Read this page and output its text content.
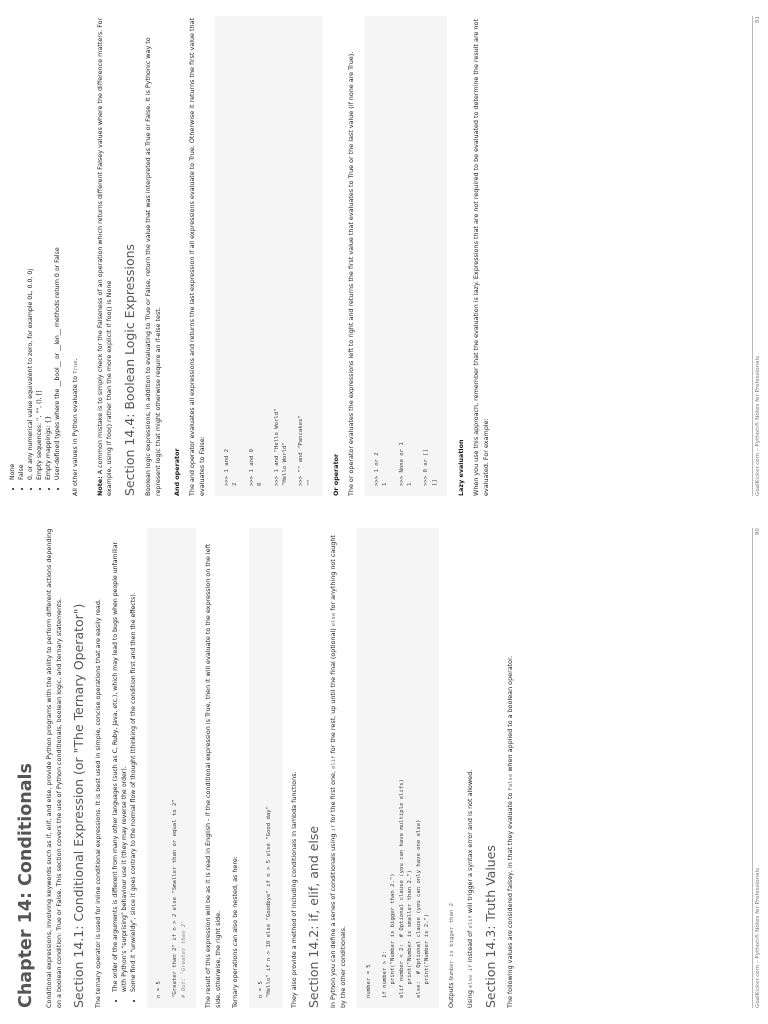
Chapter 14: Conditionals Conditional expressions, involving keywords such as if, elif, and else, provide Python programs with the ability to perform different actions depending on a boolean condition: True or False. This section covers the use of Python conditionals, boolean logic, and ternary statements. Section 14.1: Conditional Expression (or "The Ternary Operator") The ternary operator is used for inline conditional expressions. It is best used in simple, concise operations that are easily read. • The order of the arguments is different from many other languages (such as C, Ruby, Java, etc.), which may lead to bugs when people unfamiliar with Python's "surprising" behaviour use it (they may reverse the order). • Some find it "unwieldy", since it goes contrary to the normal flow of thought (thinking of the condition first and then the effects).	n = 5 "Greater than 2" if n > 2 else "Smaller than or equal to 2" # Out: 'Greater than 2'	The result of this expression will be as it is read in English - if the conditional expression is True, then it will evaluate to the expression on the left side, otherwise, the right side. Ternary operations can also be nested, as here:	n = 5 "Hello" if n > 10 else "Goodbye" if n > 5 else "Good day"	They also provide a method of including conditionals in lambda functions. Section 14.2: if, elif, and else In Python you can define a series of conditionals using if for the first one, elif for the rest, up until the final (optional) else for anything not caught by the other conditionals.	number = 5 if number > 2: print("Number is bigger than 2.") elif number < 2:  # Optional clause (you can have multiple elifs) print("Number is smaller than 2.") else:  # Optional clause (you can only have one else) print("Number is 2.")	Outputs Number is bigger than 2

Using else if instead of elif will trigger a syntax error and is not allowed.

Section 14.3: Truth Values The following values are considered falsey, in that they evaluate to False when applied to a boolean operator.

GoalKicker.com – Python® Notes for Professionals
80
• None • False • 0, or any numerical value equivalent to zero, for example 0L, 0.0, 0j • Empty sequences: '', "", (), [] • Empty mappings: {} • User-defined types where the __bool__ or __len__ methods return 0 or False All other values in Python evaluate to True.

Note: A common mistake is to simply check for the Falseness of an operation which returns different Falsey values where the difference matters. For example, using if foo() rather than the more explicit if foo() is None Section 14.4: Boolean Logic Expressions Boolean logic expressions, in addition to evaluating to True or False, return the value that was interpreted as True or False. It is Pythonic way to represent logic that might otherwise require an if-else test. And operator The and operator evaluates all expressions and returns the last expression if all expressions evaluate to True. Otherwise it returns the first value that evaluates to False:	>>> 1 and 2 2 >>> 1 and 0 0 >>> 1 and "Hello World" "Hello World" >>> "" and "Pancakes" ""	Or operator The or operator evaluates the expressions left to right and returns the first value that evaluates to True or the last value (if none are True).	>>> 1 or 2 1 >>> None or 1 1 >>> 0 or [] []	Lazy evaluation When you use this approach, remember that the evaluation is lazy. Expressions that are not required to be evaluated to determine the result are not evaluated. For example:	GoalKicker.com – Python® Notes for Professionals
81
